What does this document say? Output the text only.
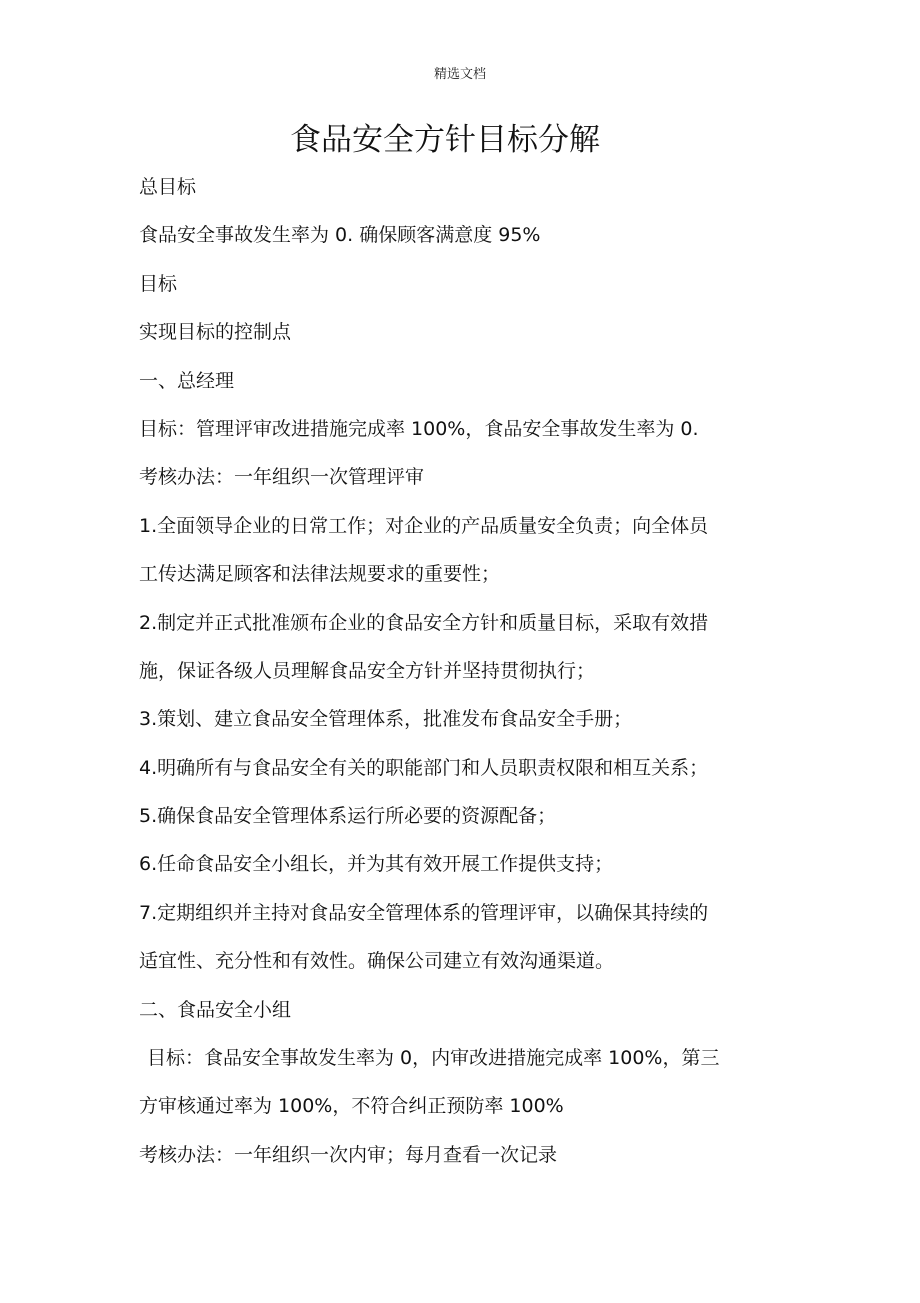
精选文档
食品安全方针目标分解

总目标

食品安全事故发生率为 0. 确保顾客满意度 95%

目标

实现目标的控制点

一、总经理

目标：管理评审改进措施完成率 100%，食品安全事故发生率为 0.

考核办法：一年组织一次管理评审

1.全面领导企业的日常工作；对企业的产品质量安全负责；向全体员

工传达满足顾客和法律法规要求的重要性；

2.制定并正式批准颁布企业的食品安全方针和质量目标，采取有效措

施，保证各级人员理解食品安全方针并坚持贯彻执行；

3.策划、建立食品安全管理体系，批准发布食品安全手册；

4.明确所有与食品安全有关的职能部门和人员职责权限和相互关系；

5.确保食品安全管理体系运行所必要的资源配备；

6.任命食品安全小组长，并为其有效开展工作提供支持；

7.定期组织并主持对食品安全管理体系的管理评审，以确保其持续的

适宜性、充分性和有效性。确保公司建立有效沟通渠道。

二、食品安全小组

目标：食品安全事故发生率为 0，内审改进措施完成率 100%，第三

方审核通过率为 100%，不符合纠正预防率 100%

考核办法：一年组织一次内审；每月查看一次记录
